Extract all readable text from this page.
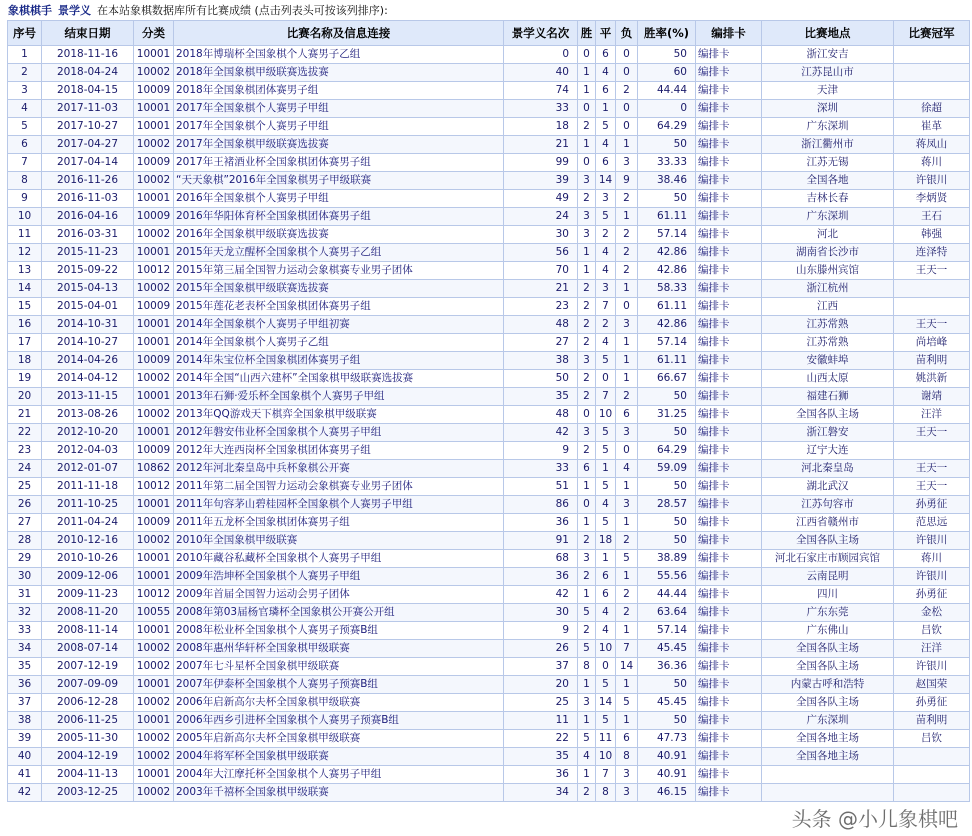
象棋棋手 景学义 在本站象棋数据库所有比赛成绩 (点击列表头可按该列排序):
序号	结束日期	分类	比赛名称及信息连接	景学义名次	胜	平	负	胜率(%)	编排卡	比赛地点	比赛冠军
1	2018-11-16	10001	2018年博瑞杯全国象棋个人赛男子乙组	0	0	6	0	50	编排卡	浙江安吉	
2	2018-04-24	10002	2018年全国象棋甲级联赛选拔赛	40	1	4	0	60	编排卡	江苏昆山市	
3	2018-04-15	10009	2018年全国象棋团体赛男子组	74	1	6	2	44.44	编排卡	天津	
4	2017-11-03	10001	2017年全国象棋个人赛男子甲组	33	0	1	0	0	编排卡	深圳	徐超
5	2017-10-27	10001	2017年全国象棋个人赛男子甲组	18	2	5	0	64.29	编排卡	广东深圳	崔革
6	2017-04-27	10002	2017年全国象棋甲级联赛选拔赛	21	1	4	1	50	编排卡	浙江衢州市	蒋凤山
7	2017-04-14	10009	2017年王褚酒业杯全国象棋团体赛男子组	99	0	6	3	33.33	编排卡	江苏无锡	蒋川
8	2016-11-26	10002	“天天象棋”2016年全国象棋男子甲级联赛	39	3	14	9	38.46	编排卡	全国各地	许银川
9	2016-11-03	10001	2016年全国象棋个人赛男子甲组	49	2	3	2	50	编排卡	吉林长春	李炳贤
10	2016-04-16	10009	2016年华阳体育杯全国象棋团体赛男子组	24	3	5	1	61.11	编排卡	广东深圳	王石
11	2016-03-31	10002	2016年全国象棋甲级联赛选拔赛	30	3	2	2	57.14	编排卡	河北	韩强
12	2015-11-23	10001	2015年天龙立醒杯全国象棋个人赛男子乙组	56	1	4	2	42.86	编排卡	湖南省长沙市	连泽特
13	2015-09-22	10012	2015年第三届全国智力运动会象棋赛专业男子团体	70	1	4	2	42.86	编排卡	山东滕州宾馆	王天一
14	2015-04-13	10002	2015年全国象棋甲级联赛选拔赛	21	2	3	1	58.33	编排卡	浙江杭州	
15	2015-04-01	10009	2015年莲花老表杯全国象棋团体赛男子组	23	2	7	0	61.11	编排卡	江西	
16	2014-10-31	10001	2014年全国象棋个人赛男子甲组初赛	48	2	2	3	42.86	编排卡	江苏常熟	王天一
17	2014-10-27	10001	2014年全国象棋个人赛男子乙组	27	2	4	1	57.14	编排卡	江苏常熟	尚培峰
18	2014-04-26	10009	2014年朱宝位杯全国象棋团体赛男子组	38	3	5	1	61.11	编排卡	安徽蚌埠	苗利明
19	2014-04-12	10002	2014年全国“山西六建杯”全国象棋甲级联赛选拔赛	50	2	0	1	66.67	编排卡	山西太原	姚洪新
20	2013-11-15	10001	2013年石狮·爱乐杯全国象棋个人赛男子甲组	35	2	7	2	50	编排卡	福建石狮	谢靖
21	2013-08-26	10002	2013年QQ游戏天下棋弈全国象棋甲级联赛	48	0	10	6	31.25	编排卡	全国各队主场	汪洋
22	2012-10-20	10001	2012年磐安伟业杯全国象棋个人赛男子甲组	42	3	5	3	50	编排卡	浙江磐安	王天一
23	2012-04-03	10009	2012年大连西岗杯全国象棋团体赛男子组	9	2	5	0	64.29	编排卡	辽宁大连	
24	2012-01-07	10862	2012年河北秦皇岛中兵杯象棋公开赛	33	6	1	4	59.09	编排卡	河北秦皇岛	王天一
25	2011-11-18	10012	2011年第二届全国智力运动会象棋赛专业男子团体	51	1	5	1	50	编排卡	湖北武汉	王天一
26	2011-10-25	10001	2011年句容茅山碧桂园杯全国象棋个人赛男子甲组	86	0	4	3	28.57	编排卡	江苏句容市	孙勇征
27	2011-04-24	10009	2011年五龙杯全国象棋团体赛男子组	36	1	5	1	50	编排卡	江西省赣州市	范思远
28	2010-12-16	10002	2010年全国象棋甲级联赛	91	2	18	2	50	编排卡	全国各队主场	许银川
29	2010-10-26	10001	2010年藏谷私藏杯全国象棋个人赛男子甲组	68	3	1	5	38.89	编排卡	河北石家庄市顾园宾馆	蒋川
30	2009-12-06	10001	2009年浩坤杯全国象棋个人赛男子甲组	36	2	6	1	55.56	编排卡	云南昆明	许银川
31	2009-11-23	10012	2009年首届全国智力运动会男子团体	42	1	6	2	44.44	编排卡	四川	孙勇征
32	2008-11-20	10055	2008年第03届杨官璘杯全国象棋公开赛公开组	30	5	4	2	63.64	编排卡	广东东莞	金松
33	2008-11-14	10001	2008年松业杯全国象棋个人赛男子预赛B组	9	2	4	1	57.14	编排卡	广东佛山	吕钦
34	2008-07-14	10002	2008年惠州华轩杯全国象棋甲级联赛	26	5	10	7	45.45	编排卡	全国各队主场	汪洋
35	2007-12-19	10002	2007年七斗星杯全国象棋甲级联赛	37	8	0	14	36.36	编排卡	全国各队主场	许银川
36	2007-09-09	10001	2007年伊泰杯全国象棋个人赛男子预赛B组	20	1	5	1	50	编排卡	内蒙古呼和浩特	赵国荣
37	2006-12-28	10002	2006年启新高尔夫杯全国象棋甲级联赛	25	3	14	5	45.45	编排卡	全国各队主场	孙勇征
38	2006-11-25	10001	2006年西乡引进杯全国象棋个人赛男子预赛B组	11	1	5	1	50	编排卡	广东深圳	苗利明
39	2005-11-30	10002	2005年启新高尔夫杯全国象棋甲级联赛	22	5	11	6	47.73	编排卡	全国各地主场	吕钦
40	2004-12-19	10002	2004年将军杯全国象棋甲级联赛	35	4	10	8	40.91	编排卡	全国各地主场	
41	2004-11-13	10001	2004年大江摩托杯全国象棋个人赛男子甲组	36	1	7	3	40.91	编排卡		
42	2003-12-25	10002	2003年千禧杯全国象棋甲级联赛	34	2	8	3	46.15	编排卡		
头条 @小儿象棋吧
